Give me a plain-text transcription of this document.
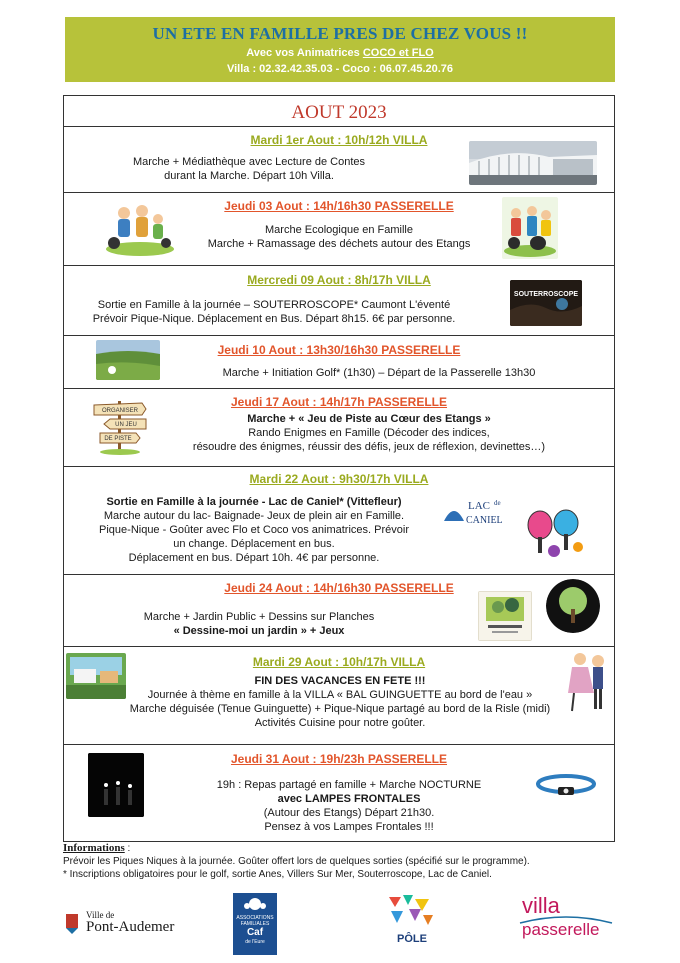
UN ETE EN FAMILLE PRES DE CHEZ VOUS !!
Avec vos Animatrices COCO et FLO
Villa : 02.32.42.35.03 - Coco : 06.07.45.20.76
AOUT 2023
Mardi 1er Aout : 10h/12h VILLA
Marche + Médiathèque avec Lecture de Contes
durant la Marche. Départ 10h Villa.
Jeudi 03 Aout : 14h/16h30 PASSERELLE
Marche Ecologique en Famille
Marche + Ramassage des déchets autour des Etangs
Mercredi 09 Aout : 8h/17h VILLA
Sortie en Famille à la journée – SOUTERROSCOPE* Caumont L'éventé
Prévoir Pique-Nique. Déplacement en Bus. Départ 8h15. 6€ par personne.
SOUTERROSCOPE
Jeudi 10 Aout : 13h30/16h30 PASSERELLE
Marche + Initiation Golf* (1h30) – Départ de la Passerelle 13h30
Jeudi 17 Aout : 14h/17h PASSERELLE
Marche + « Jeu de Piste au Cœur des Etangs »
Rando Enigmes en Famille (Décoder des indices,
résoudre des énigmes, réussir des défis, jeux de réflexion, devinettes…)
ORGANISER
UN JEU
DE PISTE
Mardi 22 Aout : 9h30/17h VILLA
Sortie en Famille à la journée - Lac de Caniel* (Vittefleur)
Marche autour du lac- Baignade- Jeux de plein air en Famille.
Pique-Nique - Goûter avec Flo et Coco vos animatrices. Prévoir
un change. Déplacement en bus.
Déplacement en bus. Départ 10h. 4€ par personne.
LAC de
CANIEL
Jeudi 24 Aout : 14h/16h30 PASSERELLE
Marche + Jardin Public + Dessins sur Planches
« Dessine-moi un jardin » + Jeux
Mardi 29 Aout : 10h/17h VILLA
FIN DES VACANCES EN FETE !!!
Journée à thème en famille à la VILLA « BAL GUINGUETTE au bord de l'eau »
Marche déguisée (Tenue Guinguette) + Pique-Nique partagé au bord de la Risle (midi)
Activités Cuisine pour notre goûter.
Jeudi 31 Aout : 19h/23h PASSERELLE
19h : Repas partagé en famille + Marche NOCTURNE
avec LAMPES FRONTALES
(Autour des Etangs) Départ 21h30.
Pensez à vos Lampes Frontales !!!
Informations :
Prévoir les Piques Niques à la journée. Goûter offert lors de quelques sorties (spécifié sur le programme).
* Inscriptions obligatoires pour le golf, sortie Anes, Villers Sur Mer, Souterroscope, Lac de Caniel.
Ville de
Pont-Audemer
ASSOCIATIONS
FAMILIALES
Caf
de l'Eure	PÔLE
villa
passerelle
